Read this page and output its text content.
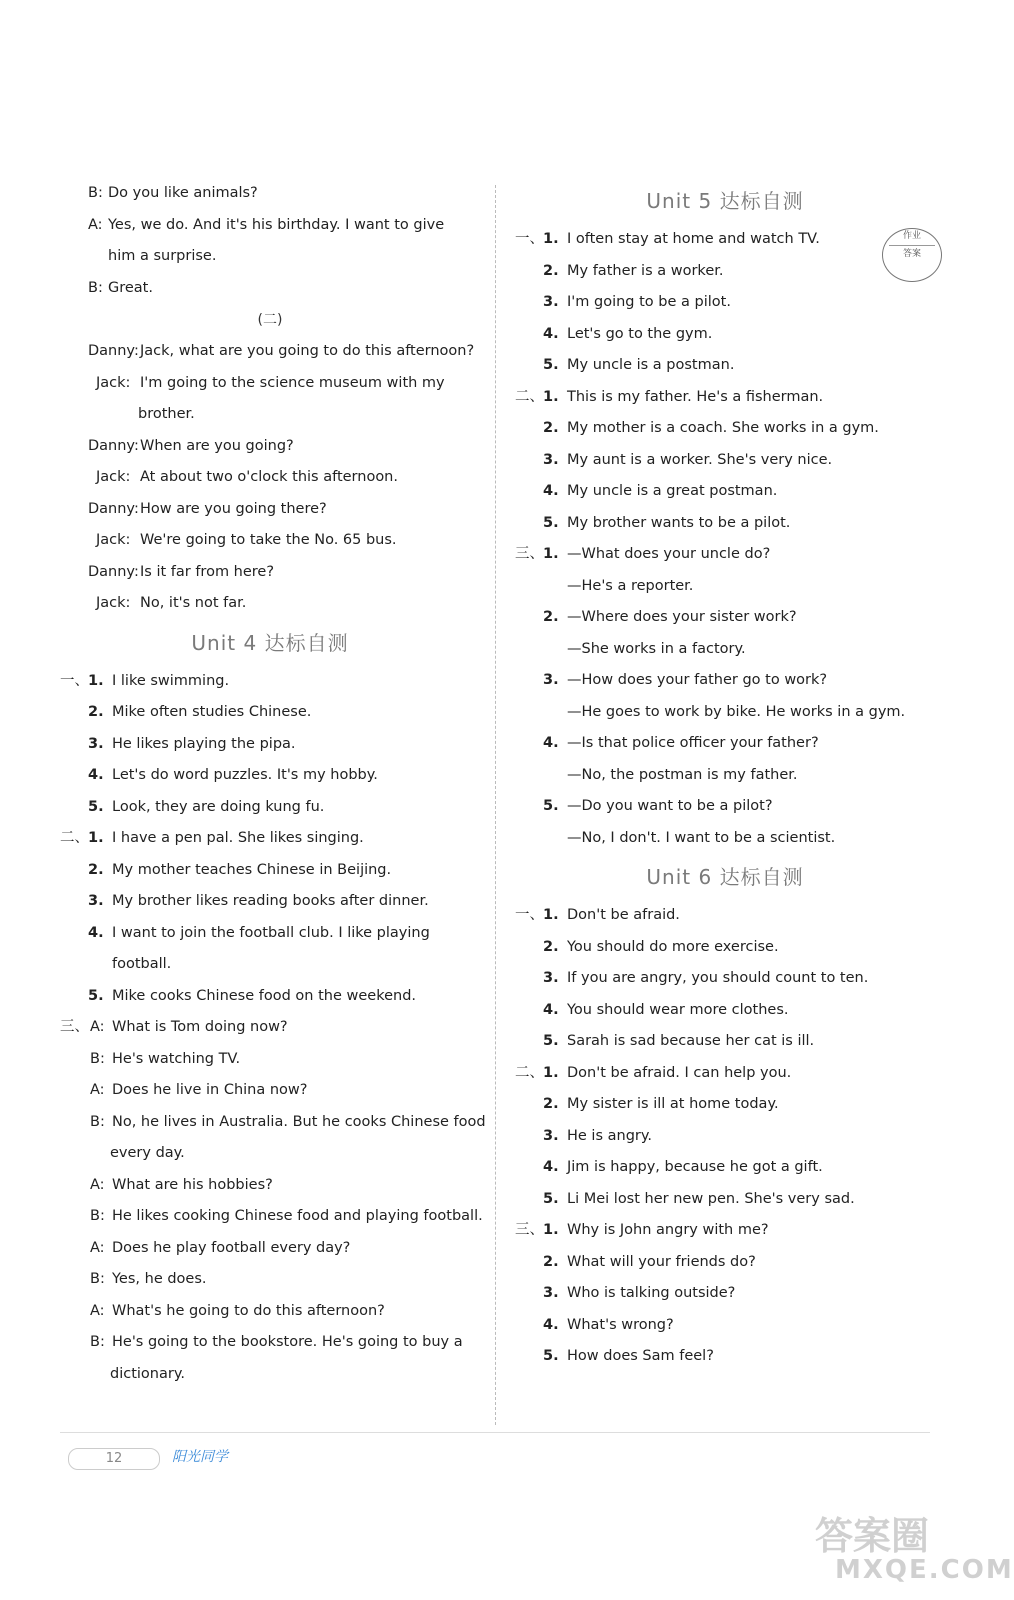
B: Do you like animals?
A: Yes, we do. And it's his birthday. I want to give
him a surprise.
B: Great.
(二)
Danny: Jack, what are you going to do this afternoon?
Jack: I'm going to the science museum with my
brother.
Danny: When are you going?
Jack: At about two o'clock this afternoon.
Danny: How are you going there?
Jack: We're going to take the No. 65 bus.
Danny: Is it far from here?
Jack: No, it's not far.
Unit 4 达标自测
一、 1. I like swimming.
2. Mike often studies Chinese.
3. He likes playing the pipa.
4. Let's do word puzzles. It's my hobby.
5. Look, they are doing kung fu.
二、 1. I have a pen pal. She likes singing.
2. My mother teaches Chinese in Beijing.
3. My brother likes reading books after dinner.
4. I want to join the football club. I like playing
football.
5. Mike cooks Chinese food on the weekend.
三、 A: What is Tom doing now?
B: He's watching TV.
A: Does he live in China now?
B: No, he lives in Australia. But he cooks Chinese food
every day.
A: What are his hobbies?
B: He likes cooking Chinese food and playing football.
A: Does he play football every day?
B: Yes, he does.
A: What's he going to do this afternoon?
B: He's going to the bookstore. He's going to buy a
dictionary.
Unit 5 达标自测
一、 1. I often stay at home and watch TV.
2. My father is a worker.
3. I'm going to be a pilot.
4. Let's go to the gym.
5. My uncle is a postman.
二、 1. This is my father. He's a fisherman.
2. My mother is a coach. She works in a gym.
3. My aunt is a worker. She's very nice.
4. My uncle is a great postman.
5. My brother wants to be a pilot.
三、 1. —What does your uncle do?
—He's a reporter.
2. —Where does your sister work?
—She works in a factory.
3. —How does your father go to work?
—He goes to work by bike. He works in a gym.
4. —Is that police officer your father?
—No, the postman is my father.
5. —Do you want to be a pilot?
—No, I don't. I want to be a scientist.
Unit 6 达标自测
一、 1. Don't be afraid.
2. You should do more exercise.
3. If you are angry, you should count to ten.
4. You should wear more clothes.
5. Sarah is sad because her cat is ill.
二、 1. Don't be afraid. I can help you.
2. My sister is ill at home today.
3. He is angry.
4. Jim is happy, because he got a gift.
5. Li Mei lost her new pen. She's very sad.
三、 1. Why is John angry with me?
2. What will your friends do?
3. Who is talking outside?
4. What's wrong?
5. How does Sam feel?
作业
答案
12	阳光同学
答案圈
MXQE.COM
